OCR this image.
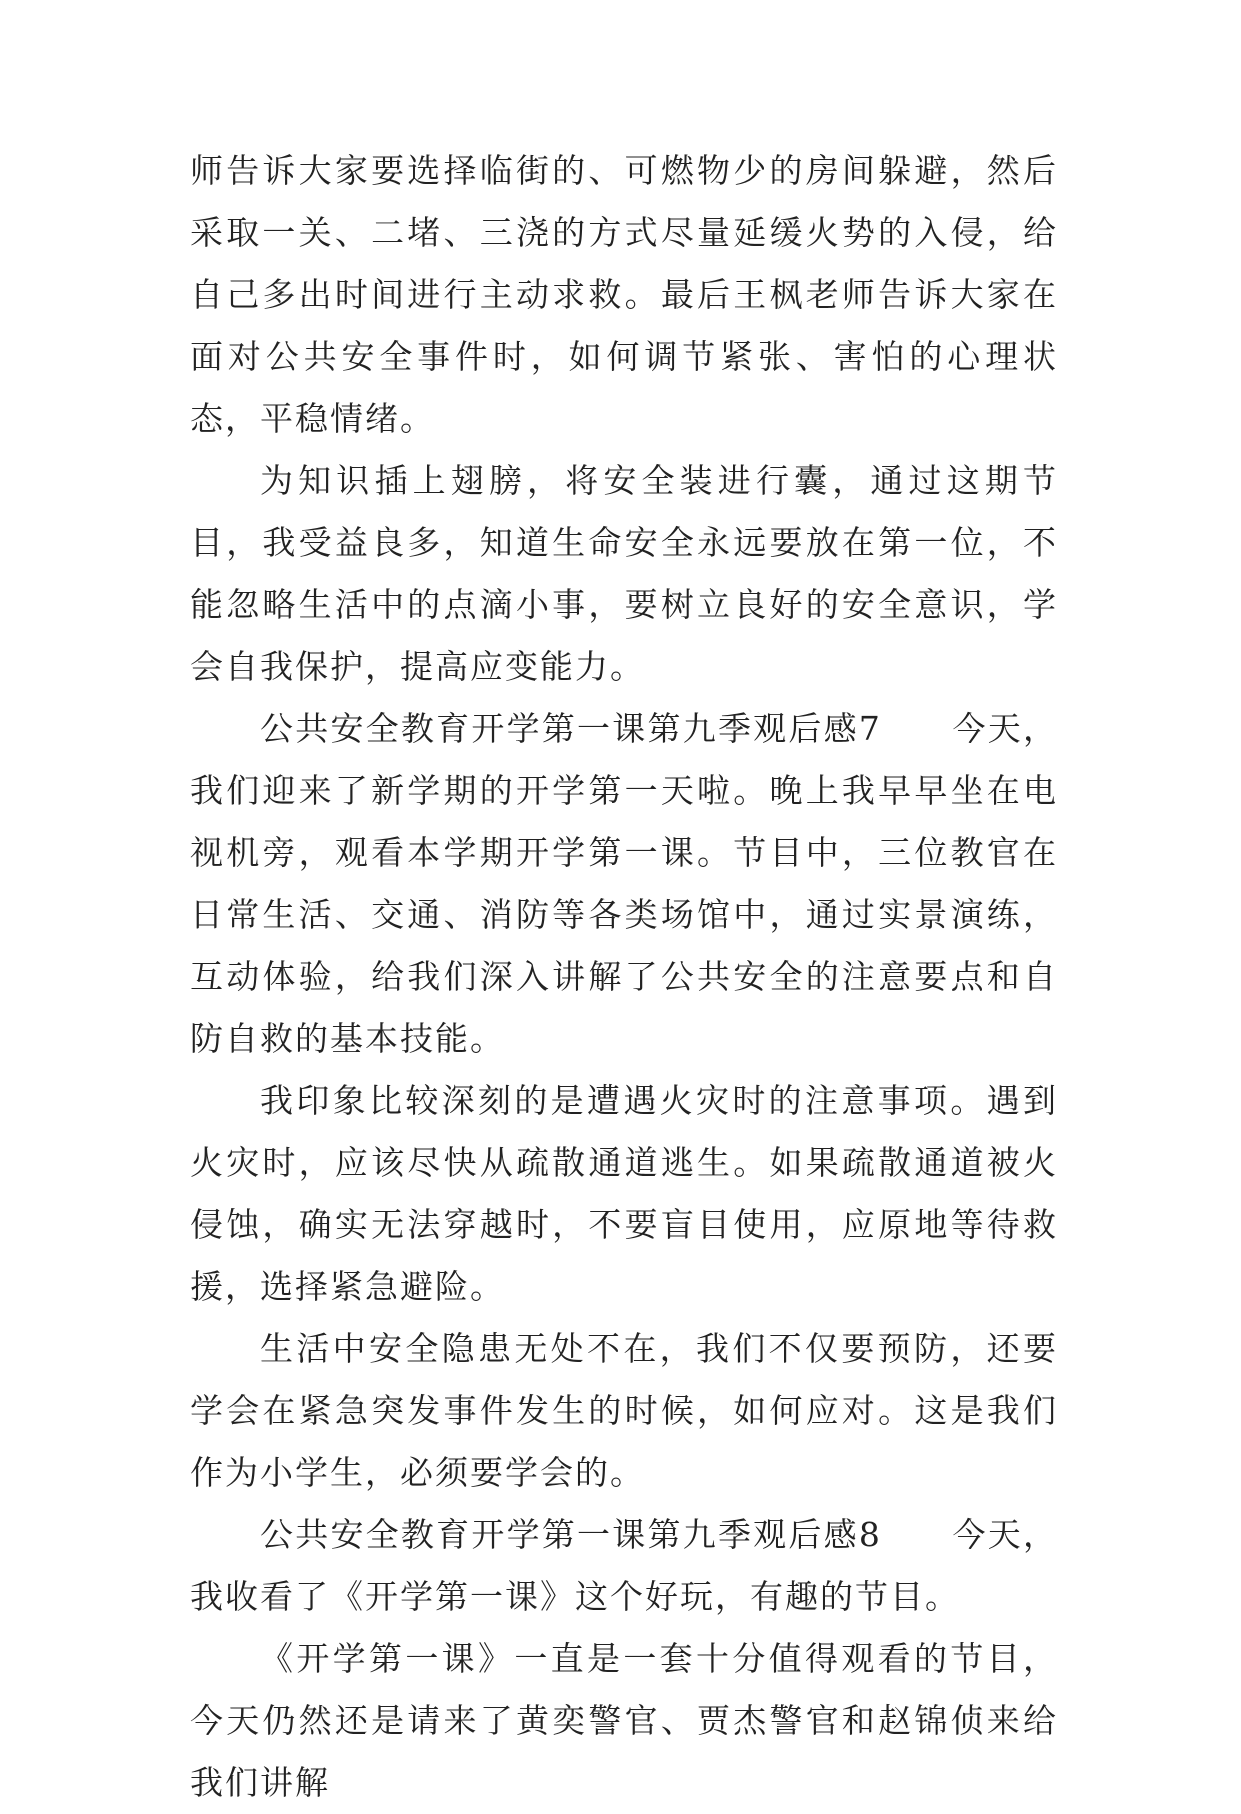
师告诉大家要选择临街的、可燃物少的房间躲避，然后采取一关、二堵、三浇的方式尽量延缓火势的入侵，给自己多出时间进行主动求救。最后王枫老师告诉大家在面对公共安全事件时，如何调节紧张、害怕的心理状态，平稳情绪。

为知识插上翅膀，将安全装进行囊，通过这期节目，我受益良多，知道生命安全永远要放在第一位，不能忽略生活中的点滴小事，要树立良好的安全意识，学会自我保护，提高应变能力。

公共安全教育开学第一课第九季观后感7　　今天，我们迎来了新学期的开学第一天啦。晚上我早早坐在电视机旁，观看本学期开学第一课。节目中，三位教官在日常生活、交通、消防等各类场馆中，通过实景演练，互动体验，给我们深入讲解了公共安全的注意要点和自防自救的基本技能。

我印象比较深刻的是遭遇火灾时的注意事项。遇到火灾时，应该尽快从疏散通道逃生。如果疏散通道被火侵蚀，确实无法穿越时，不要盲目使用，应原地等待救援，选择紧急避险。

生活中安全隐患无处不在，我们不仅要预防，还要学会在紧急突发事件发生的时候，如何应对。这是我们作为小学生，必须要学会的。

公共安全教育开学第一课第九季观后感8　　今天，我收看了《开学第一课》这个好玩，有趣的节目。

《开学第一课》一直是一套十分值得观看的节目，今天仍然还是请来了黄奕警官、贾杰警官和赵锦侦来给我们讲解
